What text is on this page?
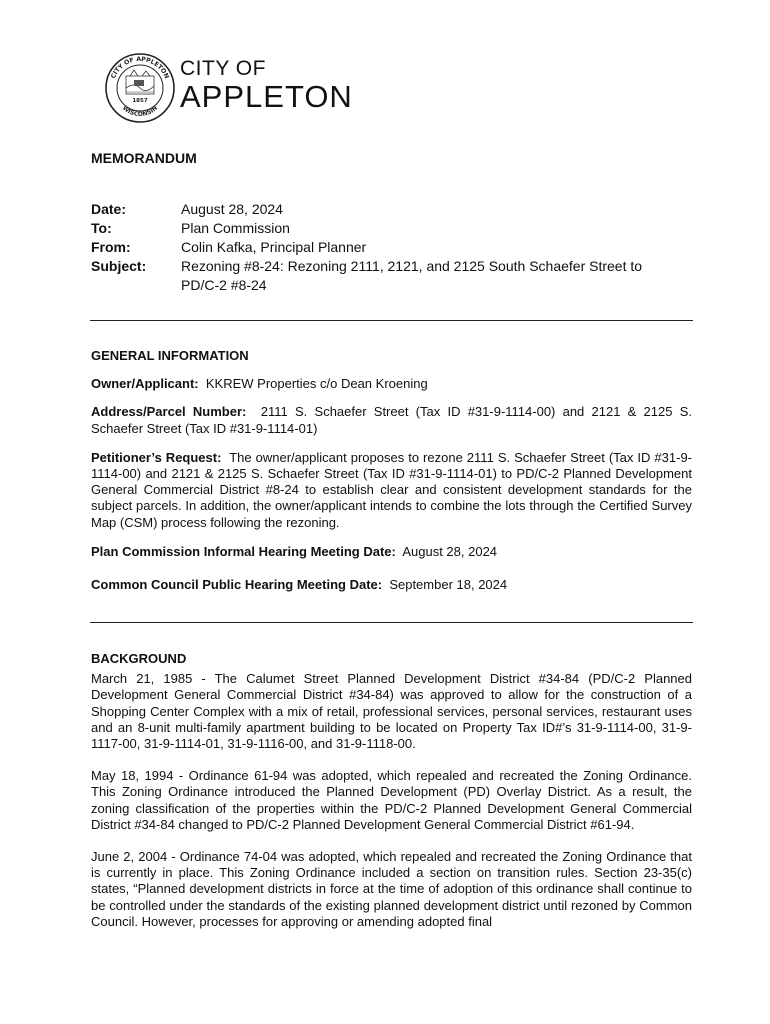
CITY OF APPLETON
WISCONSIN
1857
CITY OF
APPLETON
MEMORANDUM
Date:	August 28, 2024
To:	Plan Commission
From:	Colin Kafka, Principal Planner
Subject:	Rezoning #8-24: Rezoning 2111, 2121, and 2125 South Schaefer Street to
PD/C-2 #8-24
GENERAL INFORMATION

Owner/Applicant: KKREW Properties c/o Dean Kroening

Address/Parcel Number: 2111 S. Schaefer Street (Tax ID #31-9-1114-00) and 2121 & 2125 S. Schaefer Street (Tax ID #31-9-1114-01)

Petitioner’s Request: The owner/applicant proposes to rezone 2111 S. Schaefer Street (Tax ID #31-9-1114-00) and 2121 & 2125 S. Schaefer Street (Tax ID #31-9-1114-01) to PD/C-2 Planned Development General Commercial District #8-24 to establish clear and consistent development standards for the subject parcels. In addition, the owner/applicant intends to combine the lots through the Certified Survey Map (CSM) process following the rezoning.

Plan Commission Informal Hearing Meeting Date: August 28, 2024

Common Council Public Hearing Meeting Date: September 18, 2024

BACKGROUND

March 21, 1985 - The Calumet Street Planned Development District #34-84 (PD/C-2 Planned Development General Commercial District #34-84) was approved to allow for the construction of a Shopping Center Complex with a mix of retail, professional services, personal services, restaurant uses and an 8-unit multi-family apartment building to be located on Property Tax ID#’s 31-9-1114-00, 31-9-1117-00, 31-9-1114-01, 31-9-1116-00, and 31-9-1118-00.

May 18, 1994 - Ordinance 61-94 was adopted, which repealed and recreated the Zoning Ordinance. This Zoning Ordinance introduced the Planned Development (PD) Overlay District. As a result, the zoning classification of the properties within the PD/C-2 Planned Development General Commercial District #34-84 changed to PD/C-2 Planned Development General Commercial District #61-94.

June 2, 2004 - Ordinance 74-04 was adopted, which repealed and recreated the Zoning Ordinance that is currently in place. This Zoning Ordinance included a section on transition rules. Section 23-35(c) states, “Planned development districts in force at the time of adoption of this ordinance shall continue to be controlled under the standards of the existing planned development district until rezoned by Common Council. However, processes for approving or amending adopted final
